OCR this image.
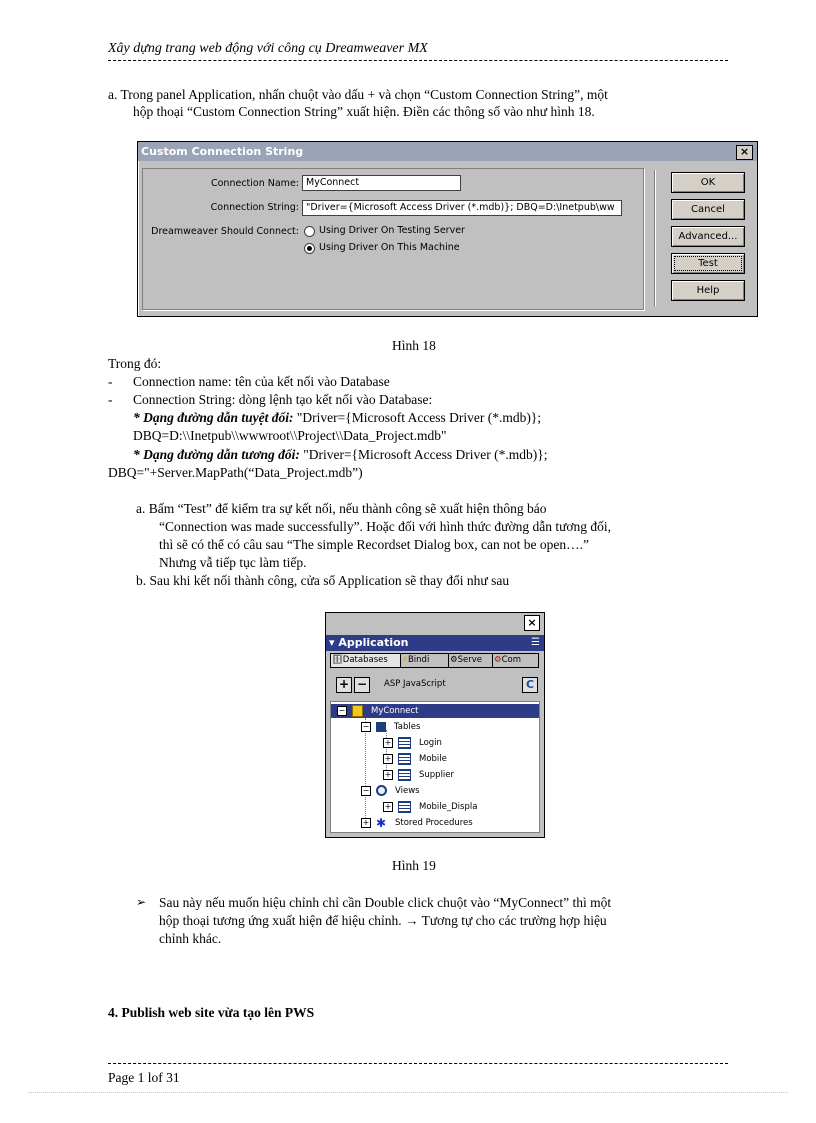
Xây dựng trang web động với công cụ Dreamweaver MX
a. Trong panel Application, nhấn chuột vào dấu + và chọn “Custom Connection String”, một
hộp thoại “Custom Connection String” xuất hiện. Điền các thông số vào như hình 18.
Custom Connection String	×
Connection Name: MyConnect
Connection String: "Driver={Microsoft Access Driver (*.mdb)}; DBQ=D:\Inetpub\ww
Dreamweaver Should Connect: Using Driver On Testing Server
Using Driver On This Machine
OK
Cancel
Advanced...
Test
Help
Hình 18
Trong đó:
- Connection name: tên của kết nối vào Database
- Connection String: dòng lệnh tạo kết nối vào Database:
* Dạng đường dẫn tuyệt đối: "Driver={Microsoft Access Driver (*.mdb)};
DBQ=D:\\Inetpub\\wwwroot\\Project\\Data_Project.mdb"
* Dạng đường dẫn tương đối: "Driver={Microsoft Access Driver (*.mdb)};
DBQ="+Server.MapPath(“Data_Project.mdb”)
a. Bấm “Test” để kiểm tra sự kết nối, nếu thành công sẽ xuất hiện thông báo
“Connection was made successfully”. Hoặc đối với hình thức đường dẫn tương đối,
thì sẽ có thể có câu sau “The simple Recordset Dialog box, can not be open….”
Nhưng vẫ tiếp tục làm tiếp.
b. Sau khi kết nối thành công, cửa sổ Application sẽ thay đổi như sau
×
▾ Application	☰
🗄Databases	⚡Bindi	⚙Serve	⚙Com
+ −	ASP JavaScript	C
−	MyConnect
−	Tables
+	Login
+	Mobile
+	Supplier
−	Views
+	Mobile_Displa
+ ✱ Stored Procedures
Hình 19
➢ Sau này nếu muốn hiệu chỉnh chỉ cần Double click chuột vào “MyConnect” thì một
hộp thoại tương ứng xuất hiện để hiệu chỉnh. → Tương tự cho các trường hợp hiệu
chỉnh khác.
4. Publish web site vừa tạo lên PWS
Page 1 lof 31
